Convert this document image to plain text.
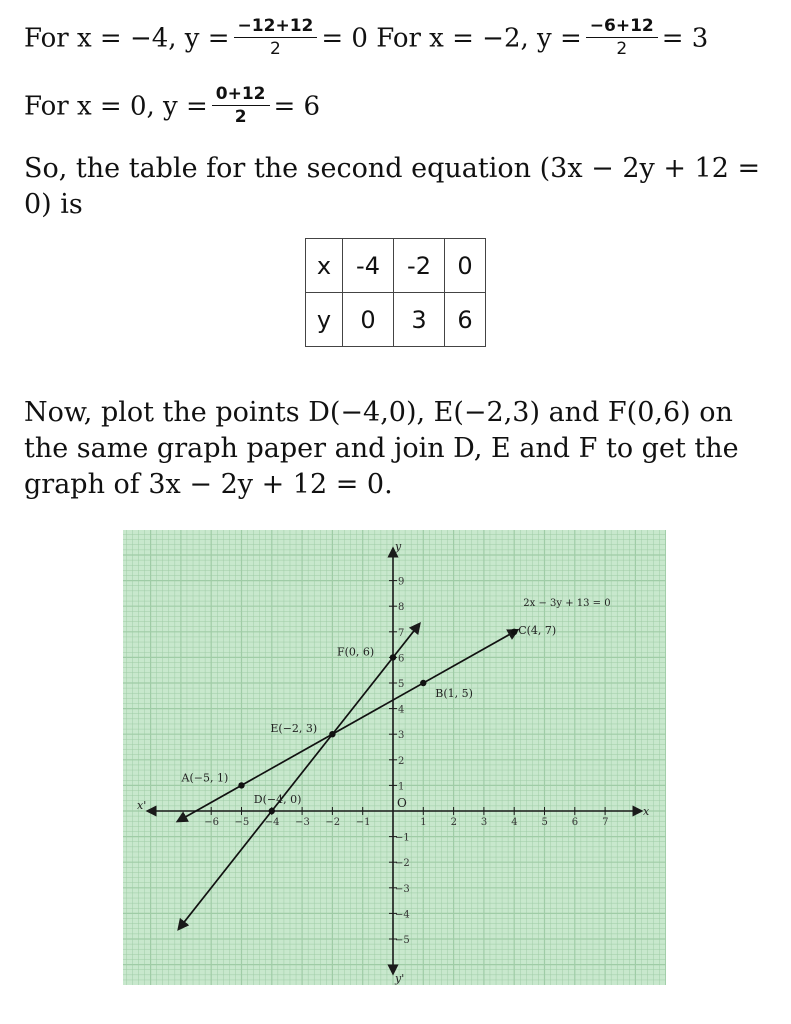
For x = −4, $y = \frac{-12+12}{2} = 0$ For x = −2, $y = \frac{-6+12}{2} = 3$
For x = 0, $y = \frac{0+12}{2} = 6$
So, the table for the second equation (3x − 2y + 12 =
0) is
x	-4	-2	0
y	0	3	6
Now, plot the points D(−4,0), E(−2,3) and F(0,6) on
the same graph paper and join D, E and F to get the
graph of 3x − 2y + 12 = 0.
x
x'
y
y'
O
−6 −5 −4 −3 −2 −1	1 2 3 4 5 6 7
−5
−4
−3
−2
−1
1
2
3
4
5
6
7
8
9
2x − 3y + 13 = 0
A(−5, 1)
E(−2, 3)
B(1, 5)
C(4, 7)
D(−4, 0)
F(0, 6)
